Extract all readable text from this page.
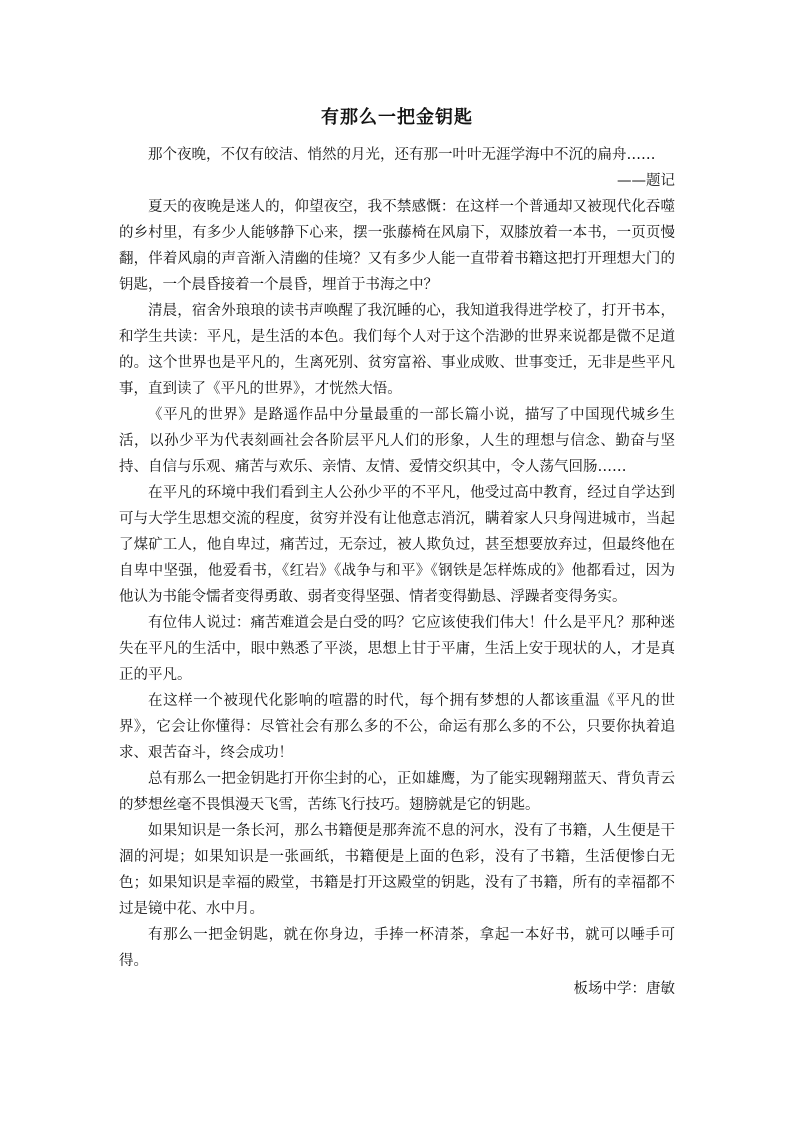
有那么一把金钥匙

那个夜晚，不仅有皎洁、悄然的月光，还有那一叶叶无涯学海中不沉的扁舟……

——题记

夏天的夜晚是迷人的，仰望夜空，我不禁感慨：在这样一个普通却又被现代化吞噬的乡村里，有多少人能够静下心来，摆一张藤椅在风扇下，双膝放着一本书，一页页慢翻，伴着风扇的声音渐入清幽的佳境？又有多少人能一直带着书籍这把打开理想大门的钥匙，一个晨昏接着一个晨昏，埋首于书海之中？

清晨，宿舍外琅琅的读书声唤醒了我沉睡的心，我知道我得进学校了，打开书本，和学生共读：平凡，是生活的本色。我们每个人对于这个浩渺的世界来说都是微不足道的。这个世界也是平凡的，生离死别、贫穷富裕、事业成败、世事变迁，无非是些平凡事，直到读了《平凡的世界》，才恍然大悟。

《平凡的世界》是路遥作品中分量最重的一部长篇小说，描写了中国现代城乡生活，以孙少平为代表刻画社会各阶层平凡人们的形象，人生的理想与信念、勤奋与坚持、自信与乐观、痛苦与欢乐、亲情、友情、爱情交织其中，令人荡气回肠……

在平凡的环境中我们看到主人公孙少平的不平凡，他受过高中教育，经过自学达到可与大学生思想交流的程度，贫穷并没有让他意志消沉，瞒着家人只身闯进城市，当起了煤矿工人，他自卑过，痛苦过，无奈过，被人欺负过，甚至想要放弃过，但最终他在自卑中坚强，他爱看书，《红岩》《战争与和平》《钢铁是怎样炼成的》他都看过，因为他认为书能令懦者变得勇敢、弱者变得坚强、情者变得勤恳、浮躁者变得务实。

有位伟人说过：痛苦难道会是白受的吗？它应该使我们伟大！什么是平凡？那种迷失在平凡的生活中，眼中熟悉了平淡，思想上甘于平庸，生活上安于现状的人，才是真正的平凡。

在这样一个被现代化影响的喧嚣的时代，每个拥有梦想的人都该重温《平凡的世界》，它会让你懂得：尽管社会有那么多的不公，命运有那么多的不公，只要你执着追求、艰苦奋斗，终会成功！

总有那么一把金钥匙打开你尘封的心，正如雄鹰，为了能实现翱翔蓝天、背负青云的梦想丝毫不畏惧漫天飞雪，苦练飞行技巧。翅膀就是它的钥匙。

如果知识是一条长河，那么书籍便是那奔流不息的河水，没有了书籍，人生便是干涸的河堤；如果知识是一张画纸，书籍便是上面的色彩，没有了书籍，生活便惨白无色；如果知识是幸福的殿堂，书籍是打开这殿堂的钥匙，没有了书籍，所有的幸福都不过是镜中花、水中月。

有那么一把金钥匙，就在你身边，手捧一杯清茶，拿起一本好书，就可以唾手可得。

板场中学：唐敏
